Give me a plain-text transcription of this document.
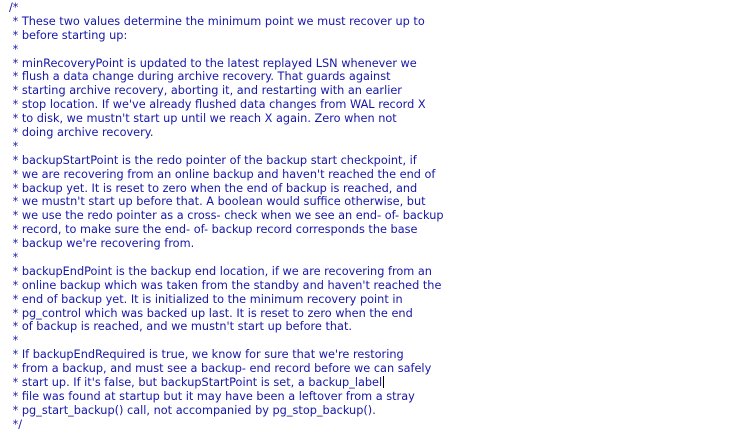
/*
* These two values determine the minimum point we must recover up to
* before starting up:
*
* minRecoveryPoint is updated to the latest replayed LSN whenever we
* flush a data change during archive recovery. That guards against
* starting archive recovery, aborting it, and restarting with an earlier
* stop location. If we've already flushed data changes from WAL record X
* to disk, we mustn't start up until we reach X again. Zero when not
* doing archive recovery.
*
* backupStartPoint is the redo pointer of the backup start checkpoint, if
* we are recovering from an online backup and haven't reached the end of
* backup yet. It is reset to zero when the end of backup is reached, and
* we mustn't start up before that. A boolean would suffice otherwise, but
* we use the redo pointer as a cross- check when we see an end- of- backup
* record, to make sure the end- of- backup record corresponds the base
* backup we're recovering from.
*
* backupEndPoint is the backup end location, if we are recovering from an
* online backup which was taken from the standby and haven't reached the
* end of backup yet. It is initialized to the minimum recovery point in
* pg_control which was backed up last. It is reset to zero when the end
* of backup is reached, and we mustn't start up before that.
*
* If backupEndRequired is true, we know for sure that we're restoring
* from a backup, and must see a backup- end record before we can safely
* start up. If it's false, but backupStartPoint is set, a backup_label
* file was found at startup but it may have been a leftover from a stray
* pg_start_backup() call, not accompanied by pg_stop_backup().
*/
